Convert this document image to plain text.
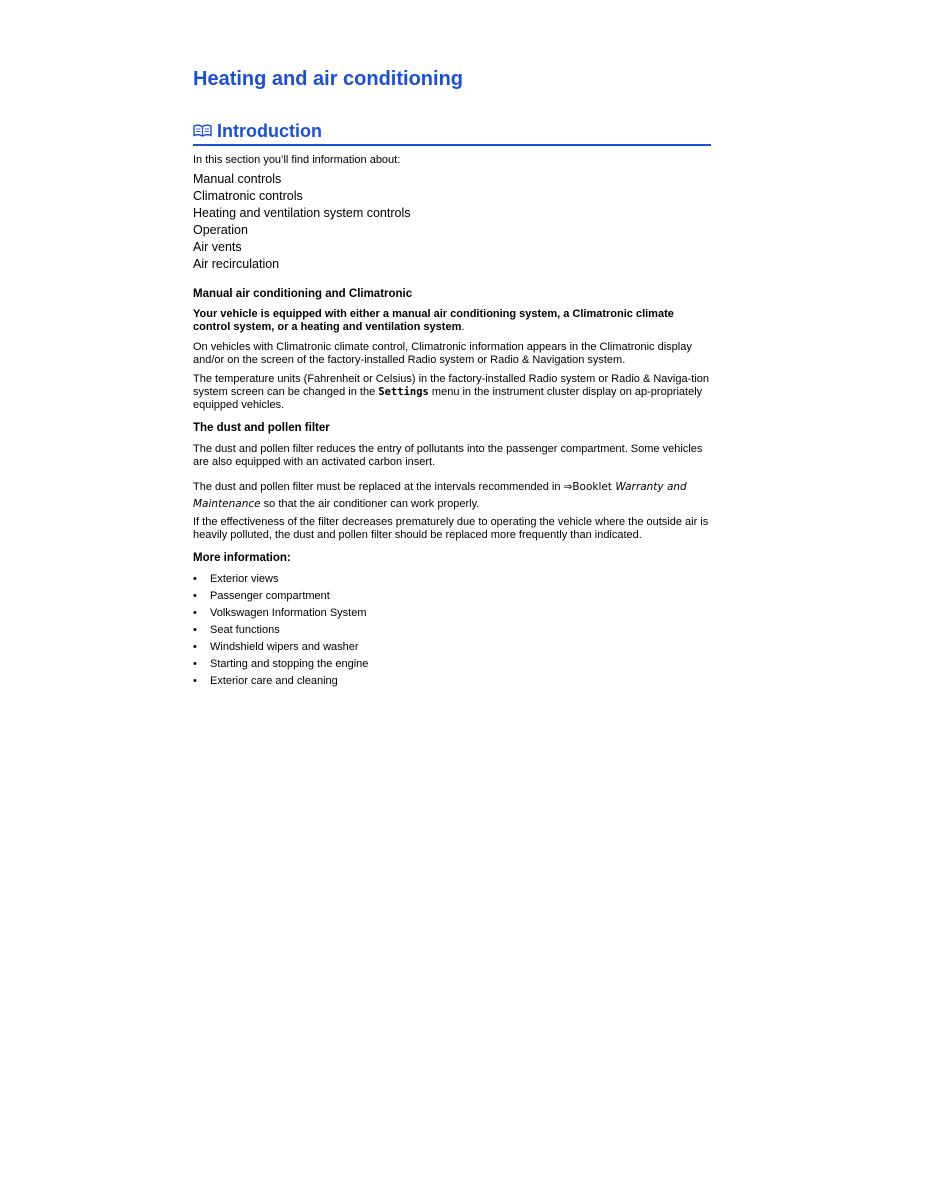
Heating and air conditioning
Introduction

In this section you’ll find information about:

Manual controls
Climatronic controls
Heating and ventilation system controls
Operation
Air vents
Air recirculation
Manual air conditioning and Climatronic

Your vehicle is equipped with either a manual air conditioning system, a Climatronic climate control system, or a heating and ventilation system.

On vehicles with Climatronic climate control, Climatronic information appears in the Climatronic display and/or on the screen of the factory-installed Radio system or Radio & Navigation system.

The temperature units (Fahrenheit or Celsius) in the factory-installed Radio system or Radio & Naviga-tion system screen can be changed in the Settings menu in the instrument cluster display on ap-propriately equipped vehicles.

The dust and pollen filter

The dust and pollen filter reduces the entry of pollutants into the passenger compartment. Some vehicles are also equipped with an activated carbon insert.

The dust and pollen filter must be replaced at the intervals recommended in ⇒Booklet Warranty and Maintenance so that the air conditioner can work properly.

If the effectiveness of the filter decreases prematurely due to operating the vehicle where the outside air is heavily polluted, the dust and pollen filter should be replaced more frequently than indicated.

More information:
• Exterior views
• Passenger compartment
• Volkswagen Information System
• Seat functions
• Windshield wipers and washer
• Starting and stopping the engine
• Exterior care and cleaning
